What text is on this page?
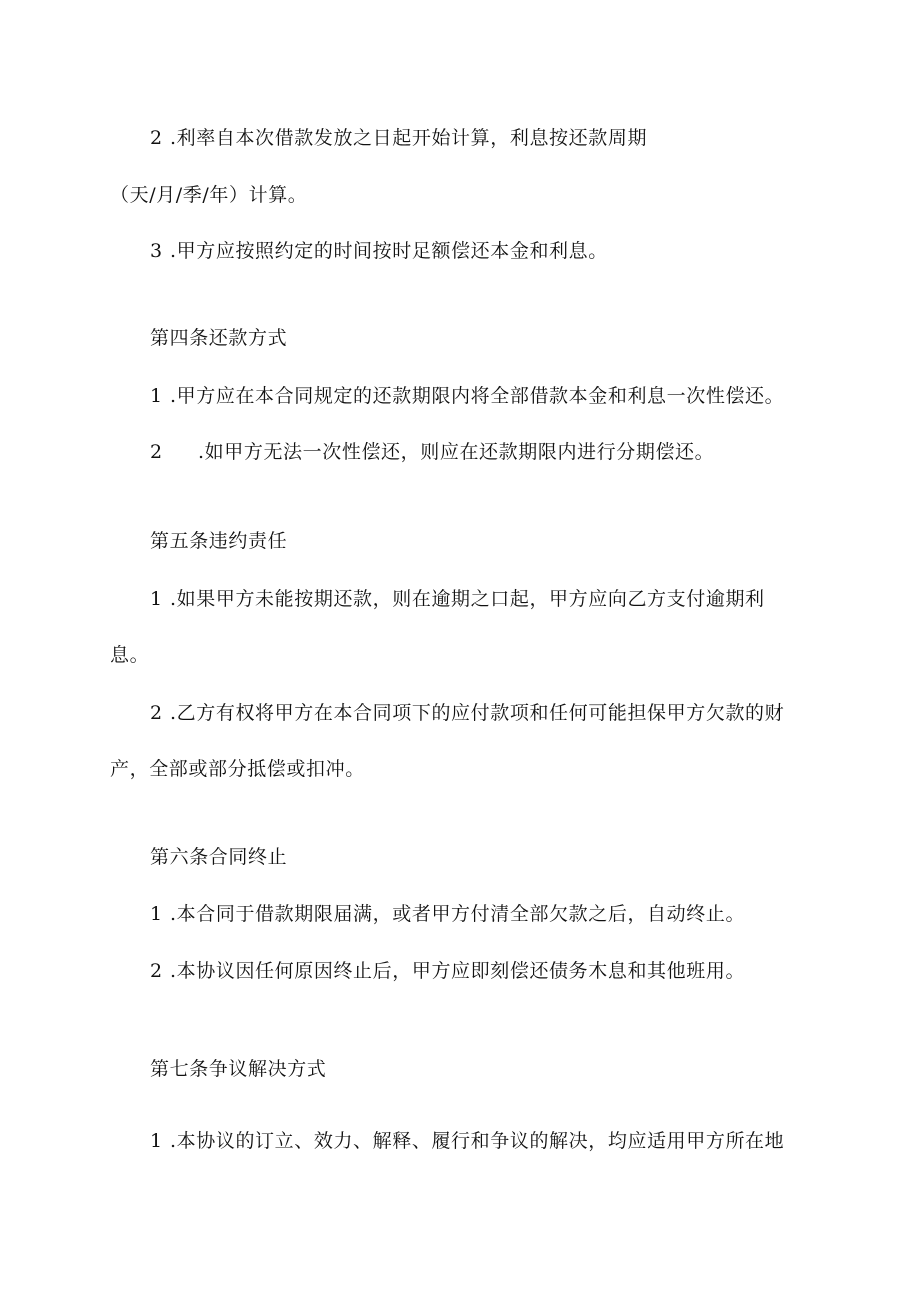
2 .利率自本次借款发放之日起开始计算，利息按还款周期
（天/月/季/年）计算。
3 .甲方应按照约定的时间按时足额偿还本金和利息。
第四条还款方式
1 .甲方应在本合同规定的还款期限内将全部借款本金和利息一次性偿还。
2 .如甲方无法一次性偿还，则应在还款期限内进行分期偿还。
第五条违约责任
1 .如果甲方未能按期还款，则在逾期之口起，甲方应向乙方支付逾期利
息。
2 .乙方有权将甲方在本合同项下的应付款项和任何可能担保甲方欠款的财
产，全部或部分抵偿或扣冲。
第六条合同终止
1 .本合同于借款期限届满，或者甲方付清全部欠款之后，自动终止。
2 .本协议因任何原因终止后，甲方应即刻偿还债务木息和其他班用。
第七条争议解决方式
1 .本协议的订立、效力、解释、履行和争议的解决，均应适用甲方所在地
